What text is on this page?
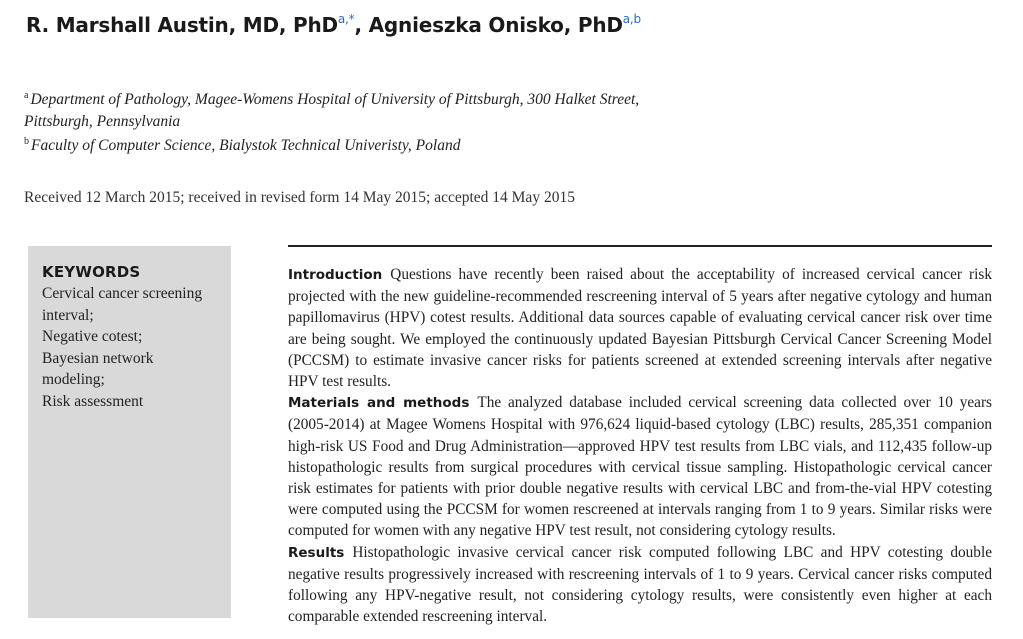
R. Marshall Austin, MD, PhD$^{a,*}$, Agnieszka Onisko, PhD$^{a,b}$
$^a$ Department of Pathology, Magee-Womens Hospital of University of Pittsburgh, 300 Halket Street,
Pittsburgh, Pennsylvania
$^b$ Faculty of Computer Science, Bialystok Technical Univeristy, Poland
Received 12 March 2015; received in revised form 14 May 2015; accepted 14 May 2015
KEYWORDS
Cervical cancer screening
interval;
Negative cotest;
Bayesian network
modeling;
Risk assessment

Introduction Questions have recently been raised about the acceptability of increased cervical cancer risk projected with the new guideline-recommended rescreening interval of 5 years after negative cytology and human papillomavirus (HPV) cotest results. Additional data sources capable of evaluating cervical cancer risk over time are being sought. We employed the continuously updated Bayesian Pittsburgh Cervical Cancer Screening Model (PCCSM) to estimate invasive cancer risks for patients screened at extended screening intervals after negative HPV test results.

Materials and methods The analyzed database included cervical screening data collected over 10 years (2005-2014) at Magee Womens Hospital with 976,624 liquid-based cytology (LBC) results, 285,351 companion high-risk US Food and Drug Administration—approved HPV test results from LBC vials, and 112,435 follow-up histopathologic results from surgical procedures with cervical tissue sampling. Histopathologic cervical cancer risk estimates for patients with prior double negative results with cervical LBC and from-the-vial HPV cotesting were computed using the PCCSM for women rescreened at intervals ranging from 1 to 9 years. Similar risks were computed for women with any negative HPV test result, not considering cytology results.

Results Histopathologic invasive cervical cancer risk computed following LBC and HPV cotesting double negative results progressively increased with rescreening intervals of 1 to 9 years. Cervical cancer risks computed following any HPV-negative result, not considering cytology results, were consistently even higher at each comparable extended rescreening interval.
